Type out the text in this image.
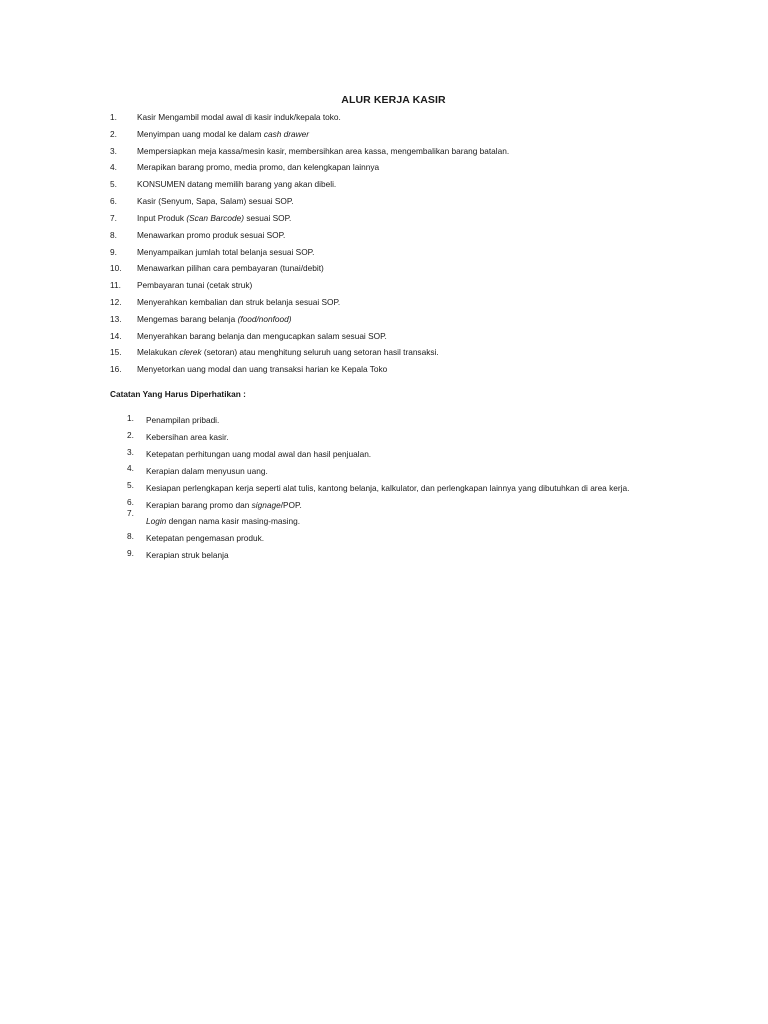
ALUR KERJA KASIR
1. Kasir Mengambil modal awal di kasir induk/kepala toko.
2. Menyimpan uang modal ke dalam cash drawer
3. Mempersiapkan meja kassa/mesin kasir, membersihkan area kassa, mengembalikan barang batalan.
4. Merapikan barang promo, media promo, dan kelengkapan lainnya
5. KONSUMEN datang memilih barang yang akan dibeli.
6. Kasir (Senyum, Sapa, Salam) sesuai SOP.
7. Input Produk (Scan Barcode) sesuai SOP.
8. Menawarkan promo produk sesuai SOP.
9. Menyampaikan jumlah total belanja sesuai SOP.
10. Menawarkan pilihan cara pembayaran (tunai/debit)
11. Pembayaran tunai (cetak struk)
12. Menyerahkan kembalian dan struk belanja sesuai SOP.
13. Mengemas barang belanja (food/nonfood)
14. Menyerahkan barang belanja dan mengucapkan salam sesuai SOP.
15. Melakukan clerek (setoran) atau menghitung seluruh uang setoran hasil transaksi.
16. Menyetorkan uang modal dan uang transaksi harian ke Kepala Toko
Catatan Yang Harus Diperhatikan :
1. Penampilan pribadi.
2. Kebersihan area kasir.
3. Ketepatan perhitungan uang modal awal dan hasil penjualan.
4. Kerapian dalam menyusun uang.
5. Kesiapan perlengkapan kerja seperti alat tulis, kantong belanja, kalkulator, dan perlengkapan lainnya yang dibutuhkan di area kerja.
6. Kerapian barang promo dan signage/POP.
7.
Login dengan nama kasir masing-masing.
8. Ketepatan pengemasan produk.
9. Kerapian struk belanja
